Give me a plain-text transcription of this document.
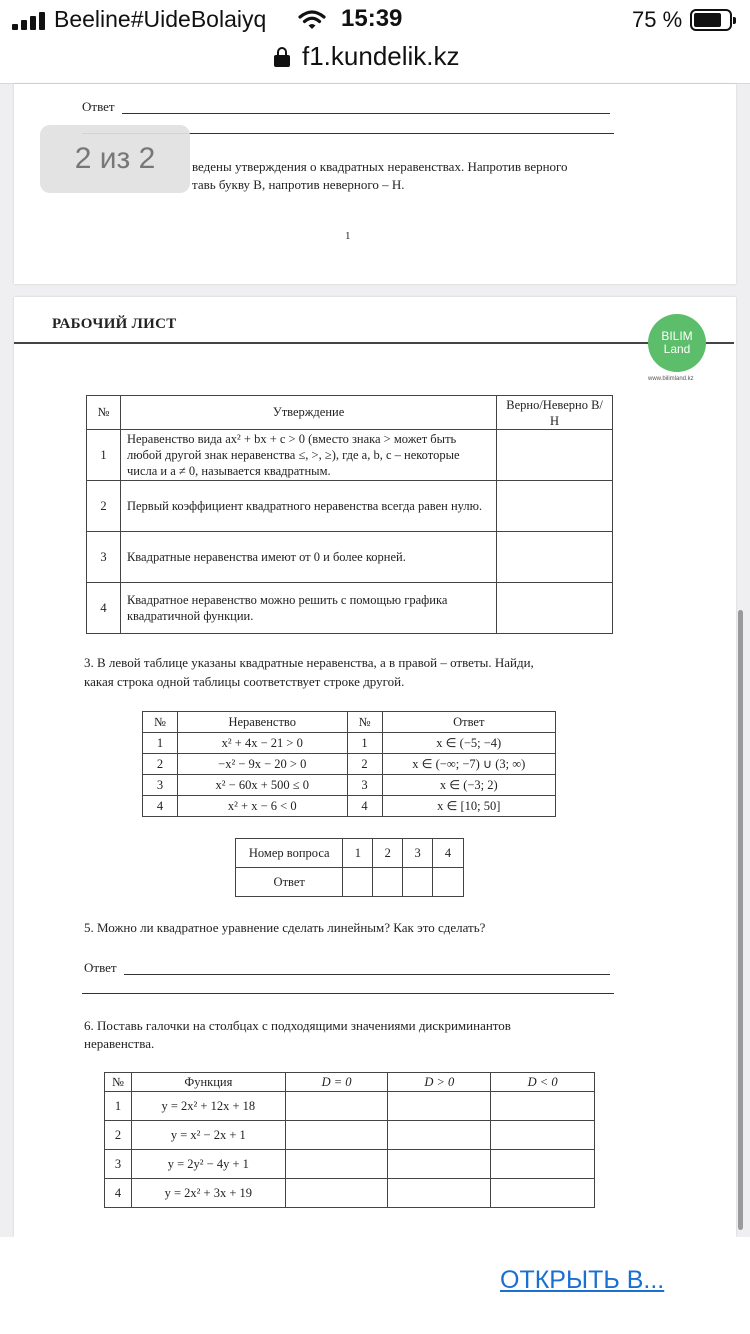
Beeline#UideBolaiyq	15:39	75 %
f1.kundelik.kz
Ответ
ведены утверждения о квадратных неравенствах. Напротив верного
тавь букву В, напротив неверного – Н.
1
2 из 2
РАБОЧИЙ ЛИСТ
BILIM
Land
www.bilimland.kz
№	Утверждение	Верно/Неверно В/Н
1	Неравенство вида ax² + bx + c > 0 (вместо знака > может быть любой другой знак неравенства ≤, >, ≥), где a, b, c – некоторые числа и a ≠ 0, называется квадратным.	
2	Первый коэффициент квадратного неравенства всегда равен нулю.	
3	Квадратные неравенства имеют от 0 и более корней.	
4	Квадратное неравенство можно решить с помощью графика квадратичной функции.	
3. В левой таблице указаны квадратные неравенства, а в правой – ответы. Найди,
какая строка одной таблицы соответствует строке другой.
№	Неравенство	№	Ответ
1	x² + 4x − 21 > 0	1	x ∈ (−5; −4)
2	−x² − 9x − 20 > 0	2	x ∈ (−∞; −7) ∪ (3; ∞)
3	x² − 60x + 500 ≤ 0	3	x ∈ (−3; 2)
4	x² + x − 6 < 0	4	x ∈ [10; 50]
Номер вопроса	1	2	3	4
Ответ				
5. Можно ли квадратное уравнение сделать линейным? Как это сделать?
Ответ
6. Поставь галочки на столбцах с подходящими значениями дискриминантов
неравенства.
№	Функция	D = 0	D > 0	D < 0
1	y = 2x² + 12x + 18			
2	y = x² − 2x + 1			
3	y = 2y² − 4y + 1			
4	y = 2x² + 3x + 19			
ОТКРЫТЬ В...
